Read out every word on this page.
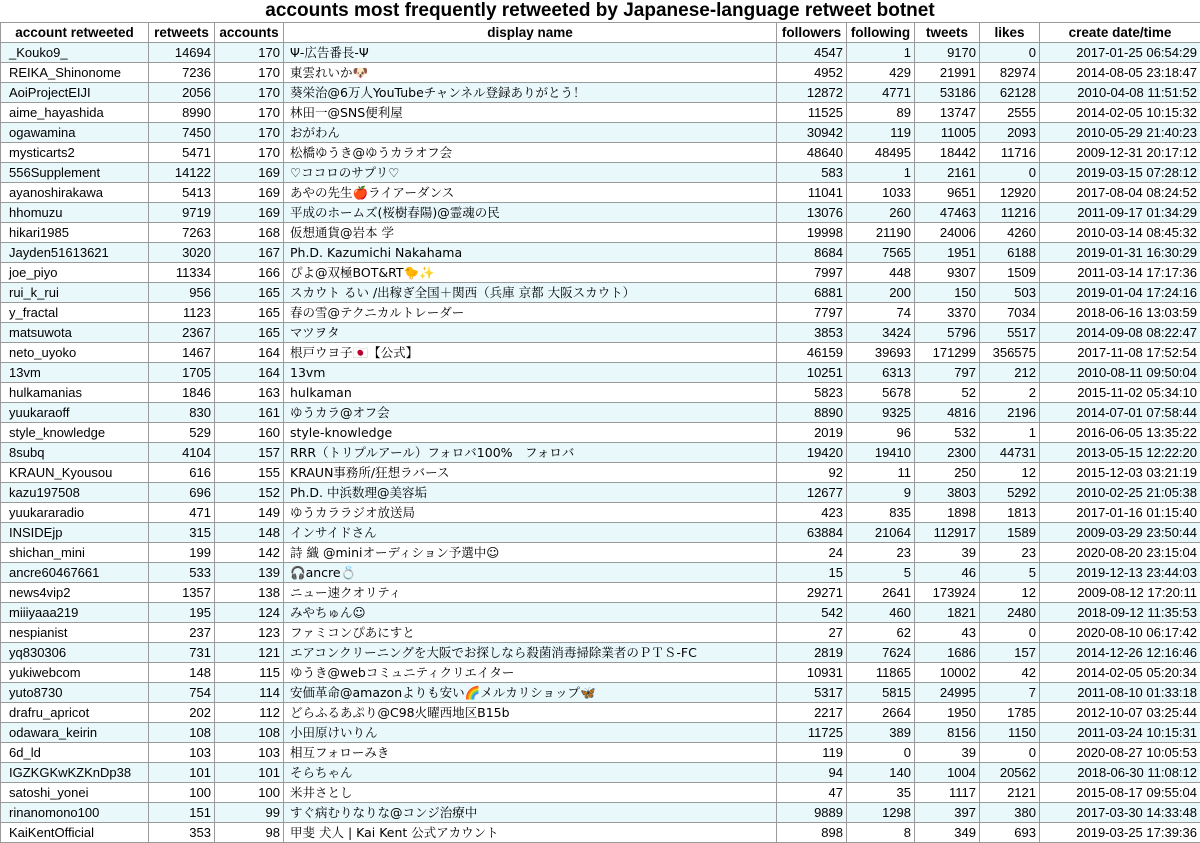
accounts most frequently retweeted by Japanese-language retweet botnet
account retweeted	retweets	accounts	display name	followers	following	tweets	likes	create date/time
_Kouko9_	14694	170	Ψ-広告番長-Ψ	4547	1	9170	0	2017-01-25 06:54:29
REIKA_Shinonome	7236	170	東雲れいか🐶	4952	429	21991	82974	2014-08-05 23:18:47
AoiProjectEIJI	2056	170	葵栄治@6万人YouTubeチャンネル登録ありがとう！	12872	4771	53186	62128	2010-04-08 11:51:52
aime_hayashida	8990	170	林田一@SNS便利屋	11525	89	13747	2555	2014-02-05 10:15:32
ogawamina	7450	170	おがわん	30942	119	11005	2093	2010-05-29 21:40:23
mysticarts2	5471	170	松橋ゆうき@ゆうカラオフ会	48640	48495	18442	11716	2009-12-31 20:17:12
556Supplement	14122	169	♡ココロのサプリ♡	583	1	2161	0	2019-03-15 07:28:12
ayanoshirakawa	5413	169	あやの先生🍎ライアーダンス	11041	1033	9651	12920	2017-08-04 08:24:52
hhomuzu	9719	169	平成のホームズ(桜樹春陽)@霊魂の民	13076	260	47463	11216	2011-09-17 01:34:29
hikari1985	7263	168	仮想通貨@岩本 学	19998	21190	24006	4260	2010-03-14 08:45:32
Jayden51613621	3020	167	Ph.D. Kazumichi Nakahama	8684	7565	1951	6188	2019-01-31 16:30:29
joe_piyo	11334	166	ぴよ@双極BOT&RT🐤✨	7997	448	9307	1509	2011-03-14 17:17:36
rui_k_rui	956	165	スカウト るい /出稼ぎ全国＋関西（兵庫 京都 大阪スカウト）	6881	200	150	503	2019-01-04 17:24:16
y_fractal	1123	165	春の雪@テクニカルトレーダー	7797	74	3370	7034	2018-06-16 13:03:59
matsuwota	2367	165	マツヲタ	3853	3424	5796	5517	2014-09-08 08:22:47
neto_uyoko	1467	164	根戸ウヨ子🇯🇵【公式】	46159	39693	171299	356575	2017-11-08 17:52:54
13vm	1705	164	13vm	10251	6313	797	212	2010-08-11 09:50:04
hulkamanias	1846	163	hulkaman	5823	5678	52	2	2015-11-02 05:34:10
yuukaraoff	830	161	ゆうカラ@オフ会	8890	9325	4816	2196	2014-07-01 07:58:44
style_knowledge	529	160	style-knowledge	2019	96	532	1	2016-06-05 13:35:22
8subq	4104	157	RRR（トリプルアール）フォロバ100%　フォロバ	19420	19410	2300	44731	2013-05-15 12:22:20
KRAUN_Kyousou	616	155	KRAUN事務所/狂想ラバース	92	11	250	12	2015-12-03 03:21:19
kazu197508	696	152	Ph.D. 中浜数理@美容垢	12677	9	3803	5292	2010-02-25 21:05:38
yuukararadio	471	149	ゆうカララジオ放送局	423	835	1898	1813	2017-01-16 01:15:40
INSIDEjp	315	148	インサイドさん	63884	21064	112917	1589	2009-03-29 23:50:44
shichan_mini	199	142	詩 織 @miniオーディション予選中☺	24	23	39	23	2020-08-20 23:15:04
ancre60467661	533	139	🎧ancre💍	15	5	46	5	2019-12-13 23:44:03
news4vip2	1357	138	ニュー速クオリティ	29271	2641	173924	12	2009-08-12 17:20:11
miiiyaaa219	195	124	みやちゅん☺	542	460	1821	2480	2018-09-12 11:35:53
nespianist	237	123	ファミコンぴあにすと	27	62	43	0	2020-08-10 06:17:42
yq830306	731	121	エアコンクリーニングを大阪でお探しなら殺菌消毒掃除業者のＰＴＳ-FC	2819	7624	1686	157	2014-12-26 12:16:46
yukiwebcom	148	115	ゆうき@webコミュニティクリエイター	10931	11865	10002	42	2014-02-05 05:20:34
yuto8730	754	114	安価革命@amazonよりも安い🌈メルカリショップ🦋	5317	5815	24995	7	2011-08-10 01:33:18
drafru_apricot	202	112	どらふるあぷり@C98火曜西地区B15b	2217	2664	1950	1785	2012-10-07 03:25:44
odawara_keirin	108	108	小田原けいりん	11725	389	8156	1150	2011-03-24 10:15:31
6d_ld	103	103	相互フォローみき	119	0	39	0	2020-08-27 10:05:53
IGZKGKwKZKnDp38	101	101	そらちゃん	94	140	1004	20562	2018-06-30 11:08:12
satoshi_yonei	100	100	米井さとし	47	35	1117	2121	2015-08-17 09:55:04
rinanomono100	151	99	すぐ病むりなりな@コンジ治療中	9889	1298	397	380	2017-03-30 14:33:48
KaiKentOfficial	353	98	甲斐 犬人 | Kai Kent 公式アカウント	898	8	349	693	2019-03-25 17:39:36
